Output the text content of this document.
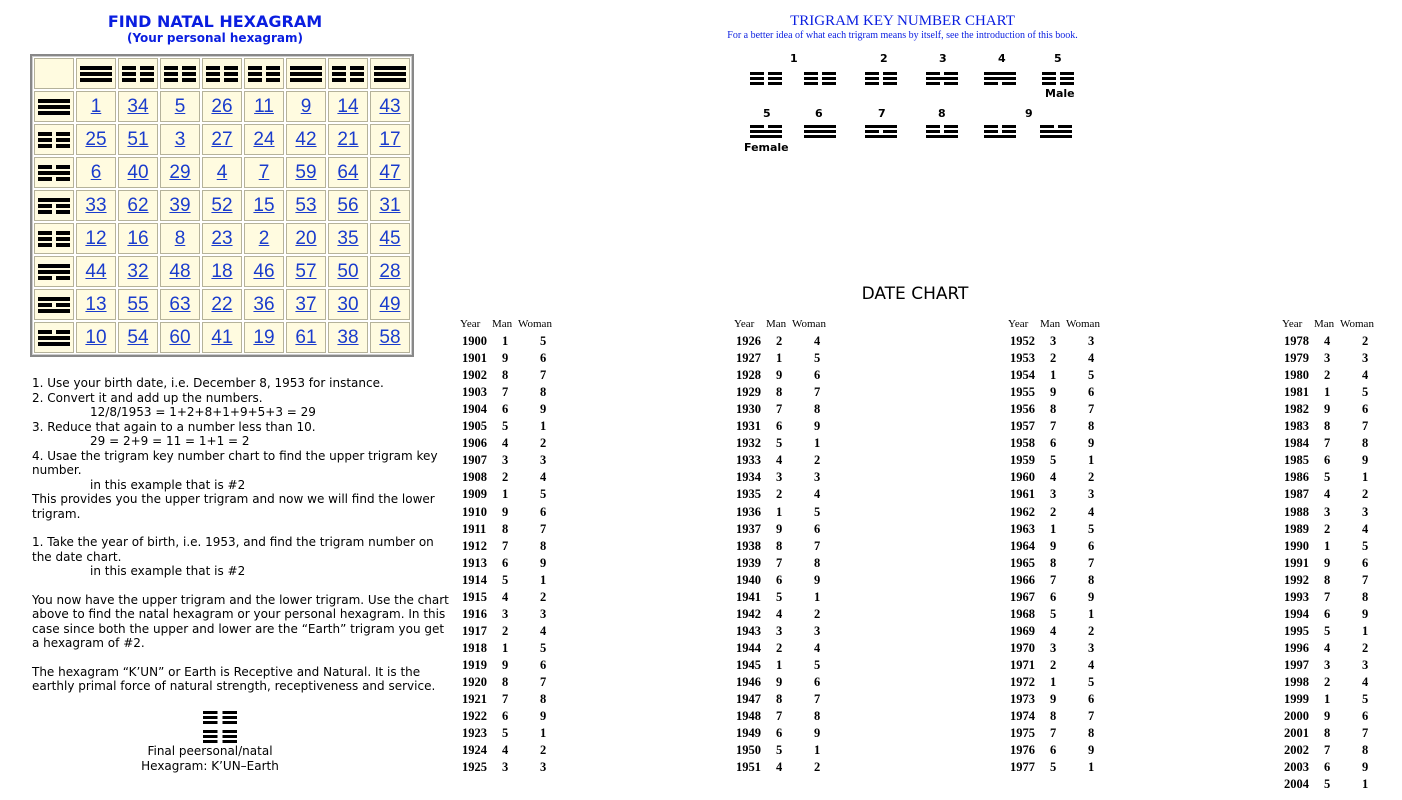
FIND NATAL HEXAGRAM
(Your personal hexagram)

	1	34	5	26	11	9	14	43

	25	51	3	27	24	42	21	17

	6	40	29	4	7	59	64	47

	33	62	39	52	15	53	56	31

	12	16	8	23	2	20	35	45

	44	32	48	18	46	57	50	28

	13	55	63	22	36	37	30	49

	10	54	60	41	19	61	38	58

1. Use your birth date, i.e. December 8, 1953 for instance.

2. Convert it and add up the numbers.

12/8/1953 = 1+2+8+1+9+5+3 = 29

3. Reduce that again to a number less than 10.

29 = 2+9 = 11 = 1+1 = 2

4. Usae the trigram key number chart to find the upper trigram key number.

in this example that is #2

This provides you the upper trigram and now we will find the lower trigram.

1. Take the year of birth, i.e. 1953, and find the trigram number on the date chart.

in this example that is #2

You now have the upper trigram and the lower trigram. Use the chart above to find the natal hexagram or your personal hexagram. In this case since both the upper and lower are the “Earth” trigram you get a hexagram of #2.

The hexagram “K’UN” or Earth is Receptive and Natural. It is the earthly primal force of natural strength, receptiveness and service.

Final peersonal/natal
Hexagram: K’UN–Earth
TRIGRAM KEY NUMBER CHART
For a better idea of what each trigram means by itself, see the introduction of this book.
1	2	3	4	5
5	6	7	8	9
Male
Female
DATE CHART
Year Man Woman
1900 1	5
1901 9	6
1902 8	7
1903 7	8
1904 6	9
1905 5	1
1906 4	2
1907 3	3
1908 2	4
1909 1	5
1910 9	6
1911 8	7
1912 7	8
1913 6	9
1914 5	1
1915 4	2
1916 3	3
1917 2	4
1918 1	5
1919 9	6
1920 8	7
1921 7	8
1922 6	9
1923 5	1
1924 4	2
1925 3	3
Year Man Woman
1926 2	4
1927 1	5
1928 9	6
1929 8	7
1930 7	8
1931 6	9
1932 5	1
1933 4	2
1934 3	3
1935 2	4
1936 1	5
1937 9	6
1938 8	7
1939 7	8
1940 6	9
1941 5	1
1942 4	2
1943 3	3
1944 2	4
1945 1	5
1946 9	6
1947 8	7
1948 7	8
1949 6	9
1950 5	1
1951 4	2
Year Man Woman
1952 3	3
1953 2	4
1954 1	5
1955 9	6
1956 8	7
1957 7	8
1958 6	9
1959 5	1
1960 4	2
1961 3	3
1962 2	4
1963 1	5
1964 9	6
1965 8	7
1966 7	8
1967 6	9
1968 5	1
1969 4	2
1970 3	3
1971 2	4
1972 1	5
1973 9	6
1974 8	7
1975 7	8
1976 6	9
1977 5	1
Year Man Woman
1978 4	2
1979 3	3
1980 2	4
1981 1	5
1982 9	6
1983 8	7
1984 7	8
1985 6	9
1986 5	1
1987 4	2
1988 3	3
1989 2	4
1990 1	5
1991 9	6
1992 8	7
1993 7	8
1994 6	9
1995 5	1
1996 4	2
1997 3	3
1998 2	4
1999 1	5
2000 9	6
2001 8	7
2002 7	8
2003 6	9
2004 5	1
